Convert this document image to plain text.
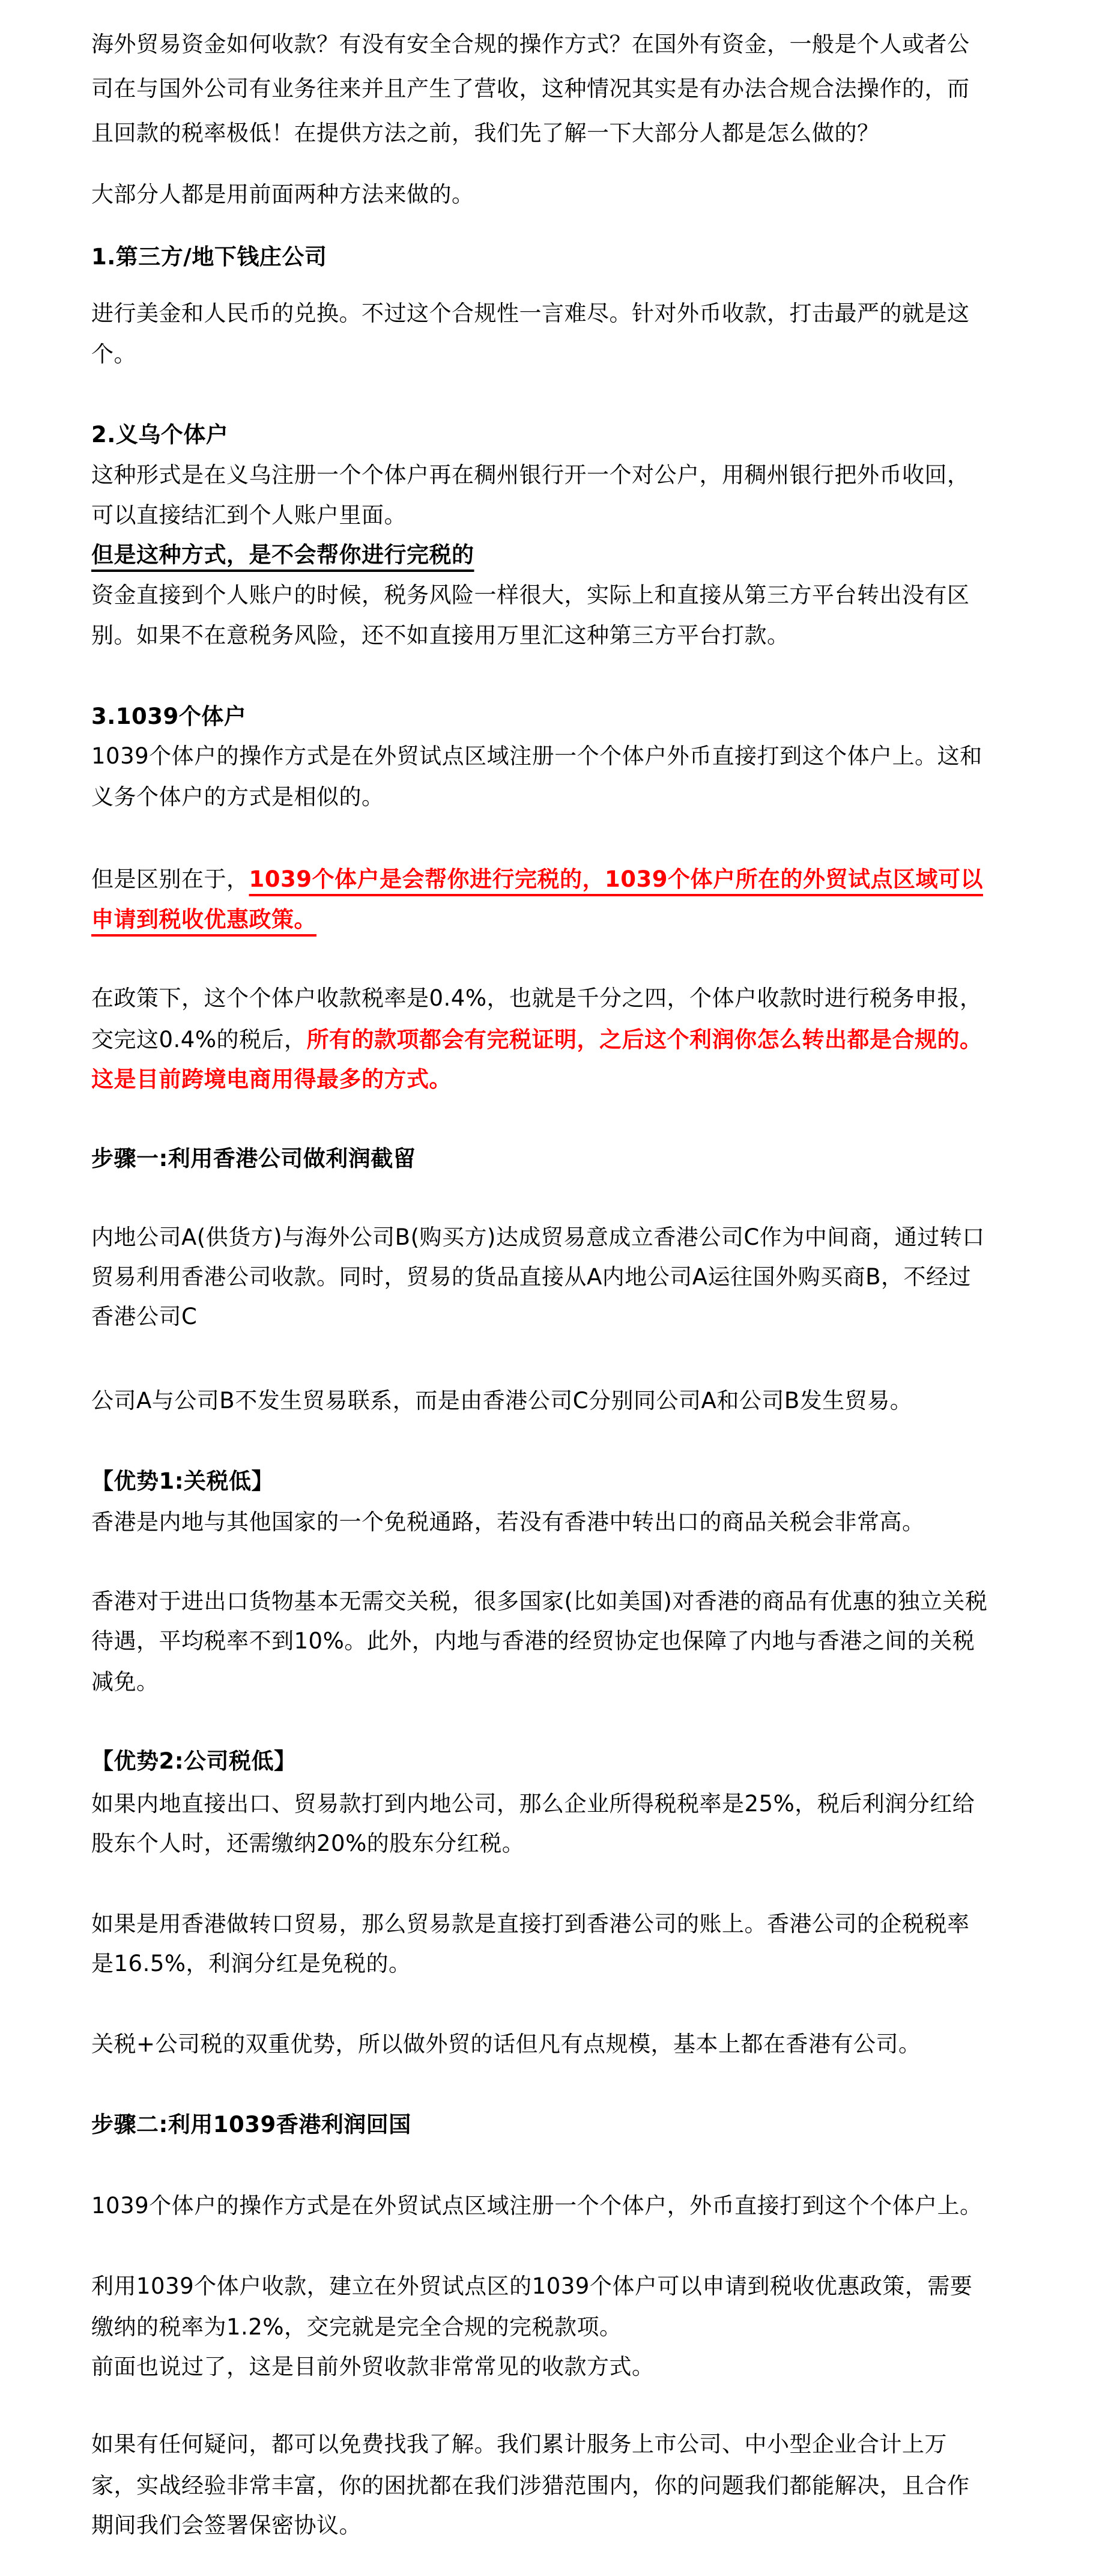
海外贸易资金如何收款？有没有安全合规的操作方式？在国外有资金，一般是个人或者公
司在与国外公司有业务往来并且产生了营收，这种情况其实是有办法合规合法操作的，而
且回款的税率极低！在提供方法之前，我们先了解一下大部分人都是怎么做的？
大部分人都是用前面两种方法来做的。
1.第三方/地下钱庄公司
进行美金和人民币的兑换。不过这个合规性一言难尽。针对外币收款，打击最严的就是这
个。
2.义乌个体户
这种形式是在义乌注册一个个体户再在稠州银行开一个对公户，用稠州银行把外币收回，
可以直接结汇到个人账户里面。
但是这种方式，是不会帮你进行完税的
资金直接到个人账户的时候，税务风险一样很大，实际上和直接从第三方平台转出没有区
别。如果不在意税务风险，还不如直接用万里汇这种第三方平台打款。
3.1039个体户
1039个体户的操作方式是在外贸试点区域注册一个个体户外币直接打到这个体户上。这和
义务个体户的方式是相似的。
但是区别在于，1039个体户是会帮你进行完税的，1039个体户所在的外贸试点区域可以
申请到税收优惠政策。
在政策下，这个个体户收款税率是0.4%，也就是千分之四，个体户收款时进行税务申报，
交完这0.4%的税后，所有的款项都会有完税证明，之后这个利润你怎么转出都是合规的。
这是目前跨境电商用得最多的方式。
步骤一:利用香港公司做利润截留
内地公司A(供货方)与海外公司B(购买方)达成贸易意成立香港公司C作为中间商，通过转口
贸易利用香港公司收款。同时，贸易的货品直接从A内地公司A运往国外购买商B，不经过
香港公司C
公司A与公司B不发生贸易联系，而是由香港公司C分别同公司A和公司B发生贸易。
【优势1:关税低】
香港是内地与其他国家的一个免税通路，若没有香港中转出口的商品关税会非常高。
香港对于进出口货物基本无需交关税，很多国家(比如美国)对香港的商品有优惠的独立关税
待遇，平均税率不到10%。此外，内地与香港的经贸协定也保障了内地与香港之间的关税
减免。
【优势2:公司税低】
如果内地直接出口、贸易款打到内地公司，那么企业所得税税率是25%，税后利润分红给
股东个人时，还需缴纳20%的股东分红税。
如果是用香港做转口贸易，那么贸易款是直接打到香港公司的账上。香港公司的企税税率
是16.5%，利润分红是免税的。
关税+公司税的双重优势，所以做外贸的话但凡有点规模，基本上都在香港有公司。
步骤二:利用1039香港利润回国
1039个体户的操作方式是在外贸试点区域注册一个个体户，外币直接打到这个个体户上。
利用1039个体户收款，建立在外贸试点区的1039个体户可以申请到税收优惠政策，需要
缴纳的税率为1.2%，交完就是完全合规的完税款项。
前面也说过了，这是目前外贸收款非常常见的收款方式。
如果有任何疑问，都可以免费找我了解。我们累计服务上市公司、中小型企业合计上万
家，实战经验非常丰富，你的困扰都在我们涉猎范围内，你的问题我们都能解决，且合作
期间我们会签署保密协议。
